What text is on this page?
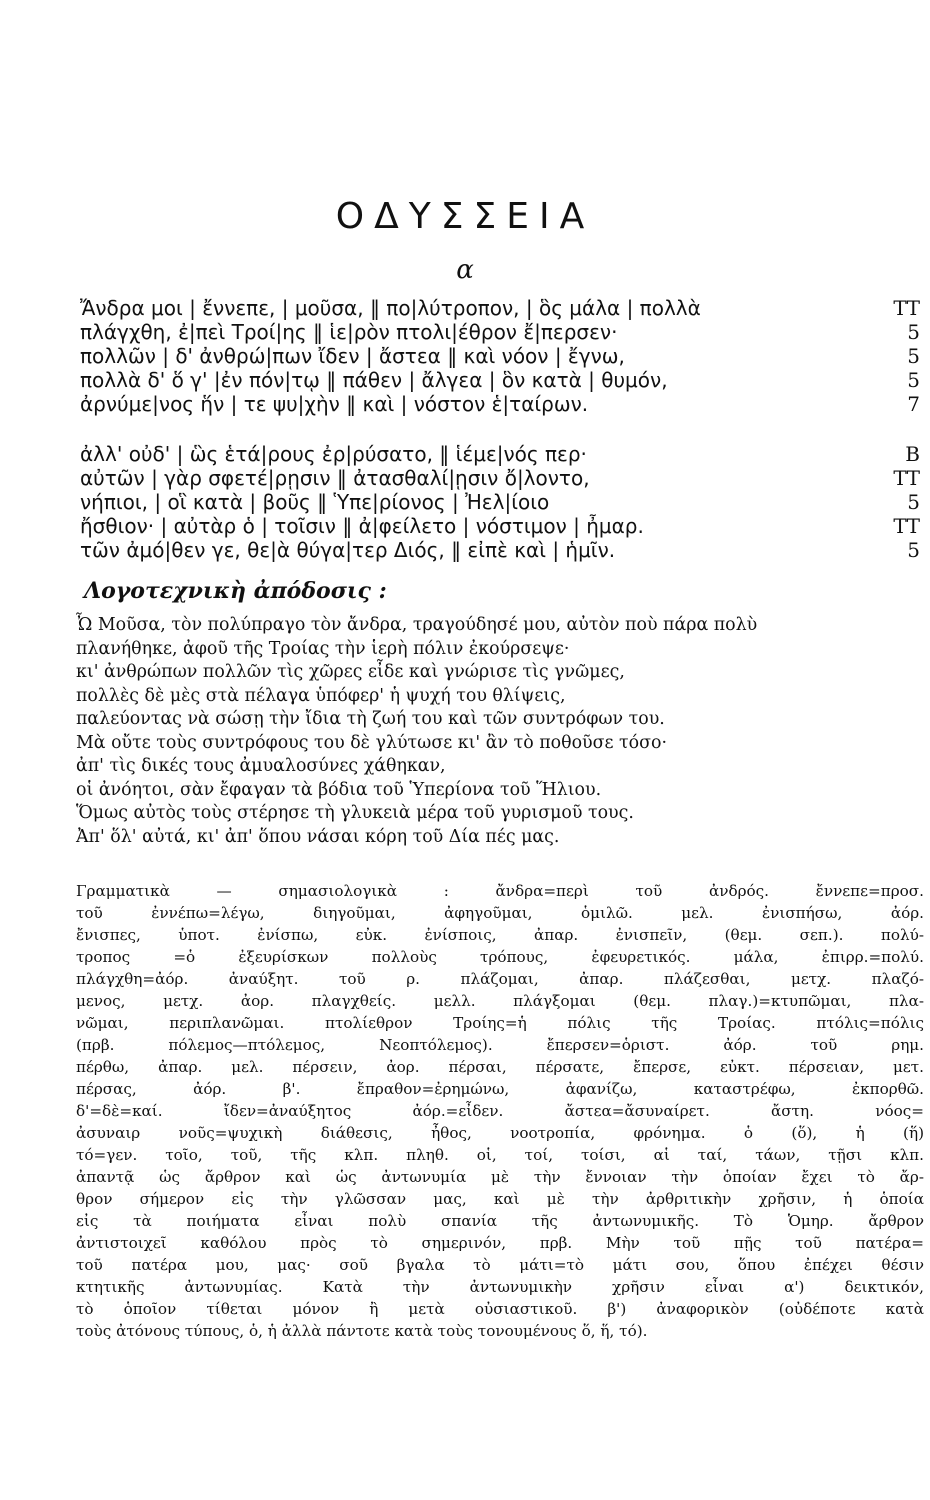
ΟΔΥΣΣΕΙΑ
α
Ἄνδρα μοι | ἔννεπε, | μοῦσα, ‖ πο|λύτροπον, | ὃς μάλα | πολλὰ	ΤΤ
πλάγχθη, ἐ|πεὶ Τροί|ης ‖ ἱε|ρὸν πτολι|έθρον ἔ|περσεν·	5
πολλῶν | δ' ἀνθρώ|πων ἴδεν | ἄστεα ‖ καὶ νόον | ἔγνω,	5
πολλὰ δ' ὅ γ' |ἐν πόν|τῳ ‖ πάθεν | ἄλγεα | ὃν κατὰ | θυμόν,	5
ἀρνύμε|νος ἥν | τε ψυ|χὴν ‖ καὶ | νόστον ἑ|ταίρων.	7
ἀλλ' οὐδ' | ὣς ἑτά|ρους ἐρ|ρύσατο, ‖ ἱέμε|νός περ·	Β
αὐτῶν | γὰρ σφετέ|ρῃσιν ‖ ἀτασθαλί|ῃσιν ὄ|λοντο,	ΤΤ
νήπιοι, | οἳ κατὰ | βοῦς ‖ Ὑπε|ρίονος | Ἠελ|ίοιο	5
ἤσθιον· | αὐτὰρ ὁ | τοῖσιν ‖ ἀ|φείλετο | νόστιμον | ἦμαρ.	ΤΤ
τῶν ἀμό|θεν γε, θε|ὰ θύγα|τερ Διός, ‖ εἰπὲ καὶ | ἡμῖν.	5
Λογοτεχνικὴ ἀπόδοσις :
Ὦ Μοῦσα, τὸν πολύπραγο τὸν ἄνδρα, τραγούδησέ μου, αὐτὸν ποὺ πάρα πολὺ
πλανήθηκε, ἀφοῦ τῆς Τροίας τὴν ἱερὴ πόλιν ἐκούρσεψε·
κι' ἀνθρώπων πολλῶν τὶς χῶρες εἶδε καὶ γνώρισε τὶς γνῶμες,
πολλὲς δὲ μὲς στὰ πέλαγα ὑπόφερ' ἡ ψυχή του θλίψεις,
παλεύοντας νὰ σώσῃ τὴν ἴδια τὴ ζωή του καὶ τῶν συντρόφων του.
Μὰ οὔτε τοὺς συντρόφους του δὲ γλύτωσε κι' ἂν τὸ ποθοῦσε τόσο·
ἀπ' τὶς δικές τους ἀμυαλοσύνες χάθηκαν,
οἱ ἀνόητοι, σὰν ἔφαγαν τὰ βόδια τοῦ Ὑπερίονα τοῦ Ἥλιου.
Ὅμως αὐτὸς τοὺς στέρησε τὴ γλυκειὰ μέρα τοῦ γυρισμοῦ τους.
Ἀπ' ὅλ' αὐτά, κι' ἀπ' ὅπου νάσαι κόρη τοῦ Δία πές μας.
Γραμματικὰ — σημασιολογικὰ : ἄνδρα=περὶ τοῦ ἀνδρός. ἔννεπε=προσ.
τοῦ ἐννέπω=λέγω, διηγοῦμαι, ἀφηγοῦμαι, ὁμιλῶ. μελ. ἐνισπήσω, ἀόρ.
ἔνισπες, ὑποτ. ἐνίσπω, εὐκ. ἐνίσποις, ἀπαρ. ἐνισπεῖν, (θεμ. σεπ.). πολύ-
τροπος =ὁ ἐξευρίσκων πολλοὺς τρόπους, ἐφευρετικός. μάλα, ἐπιρρ.=πολύ.
πλάγχθη=ἀόρ. ἀναύξητ. τοῦ ρ. πλάζομαι, ἀπαρ. πλάζεσθαι, μετχ. πλαζό-
μενος, μετχ. ἀορ. πλαγχθείς. μελλ. πλάγξομαι (θεμ. πλαγ.)=κτυπῶμαι, πλα-
νῶμαι, περιπλανῶμαι. πτολίεθρον Τροίης=ἡ πόλις τῆς Τροίας. πτόλις=πόλις
(πρβ. πόλεμος—πτόλεμος, Νεοπτόλεμος). ἔπερσεν=ὁριστ. ἀόρ. τοῦ ρημ.
πέρθω, ἀπαρ. μελ. πέρσειν, ἀορ. πέρσαι, πέρσατε, ἔπερσε, εὐκτ. πέρσειαν, μετ.
πέρσας, ἀόρ. β'. ἔπραθον=ἐρημώνω, ἀφανίζω, καταστρέφω, ἐκπορθῶ.
δ'=δὲ=καί. ἴδεν=ἀναύξητος ἀόρ.=εἶδεν. ἄστεα=ἄσυναίρετ. ἄστη. νόος=
ἀσυναιρ νοῦς=ψυχικὴ διάθεσις, ἦθος, νοοτροπία, φρόνημα. ὁ (ὅ), ἡ (ἥ)
τό=γεν. τοῖο, τοῦ, τῆς κλπ. πληθ. οἱ, τοί, τοίσι, αἱ ταί, τάων, τῇσι κλπ.
ἀπαντᾷ ὡς ἄρθρον καὶ ὡς ἀντωνυμία μὲ τὴν ἔννοιαν τὴν ὁποίαν ἔχει τὸ ἄρ-
θρον σήμερον εἰς τὴν γλῶσσαν μας, καὶ μὲ τὴν ἀρθριτικὴν χρῆσιν, ἡ ὁποία
εἰς τὰ ποιήματα εἶναι πολὺ σπανία τῆς ἀντωνυμικῆς. Τὸ Ὁμηρ. ἄρθρον
ἀντιστοιχεῖ καθόλου πρὸς τὸ σημερινόν, πρβ. Μὴν τοῦ πῇς τοῦ πατέρα=
τοῦ πατέρα μου, μας· σοῦ βγαλα τὸ μάτι=τὸ μάτι σου, ὅπου ἐπέχει θέσιν
κτητικῆς ἀντωνυμίας. Κατὰ τὴν ἀντωνυμικὴν χρῆσιν εἶναι α') δεικτικόν,
τὸ ὁποῖον τίθεται μόνον ἢ μετὰ οὐσιαστικοῦ. β') ἀναφορικὸν (οὐδέποτε κατὰ
τοὺς ἀτόνους τύπους, ὁ, ἡ ἀλλὰ πάντοτε κατὰ τοὺς τονουμένους ὅ, ἥ, τό).
